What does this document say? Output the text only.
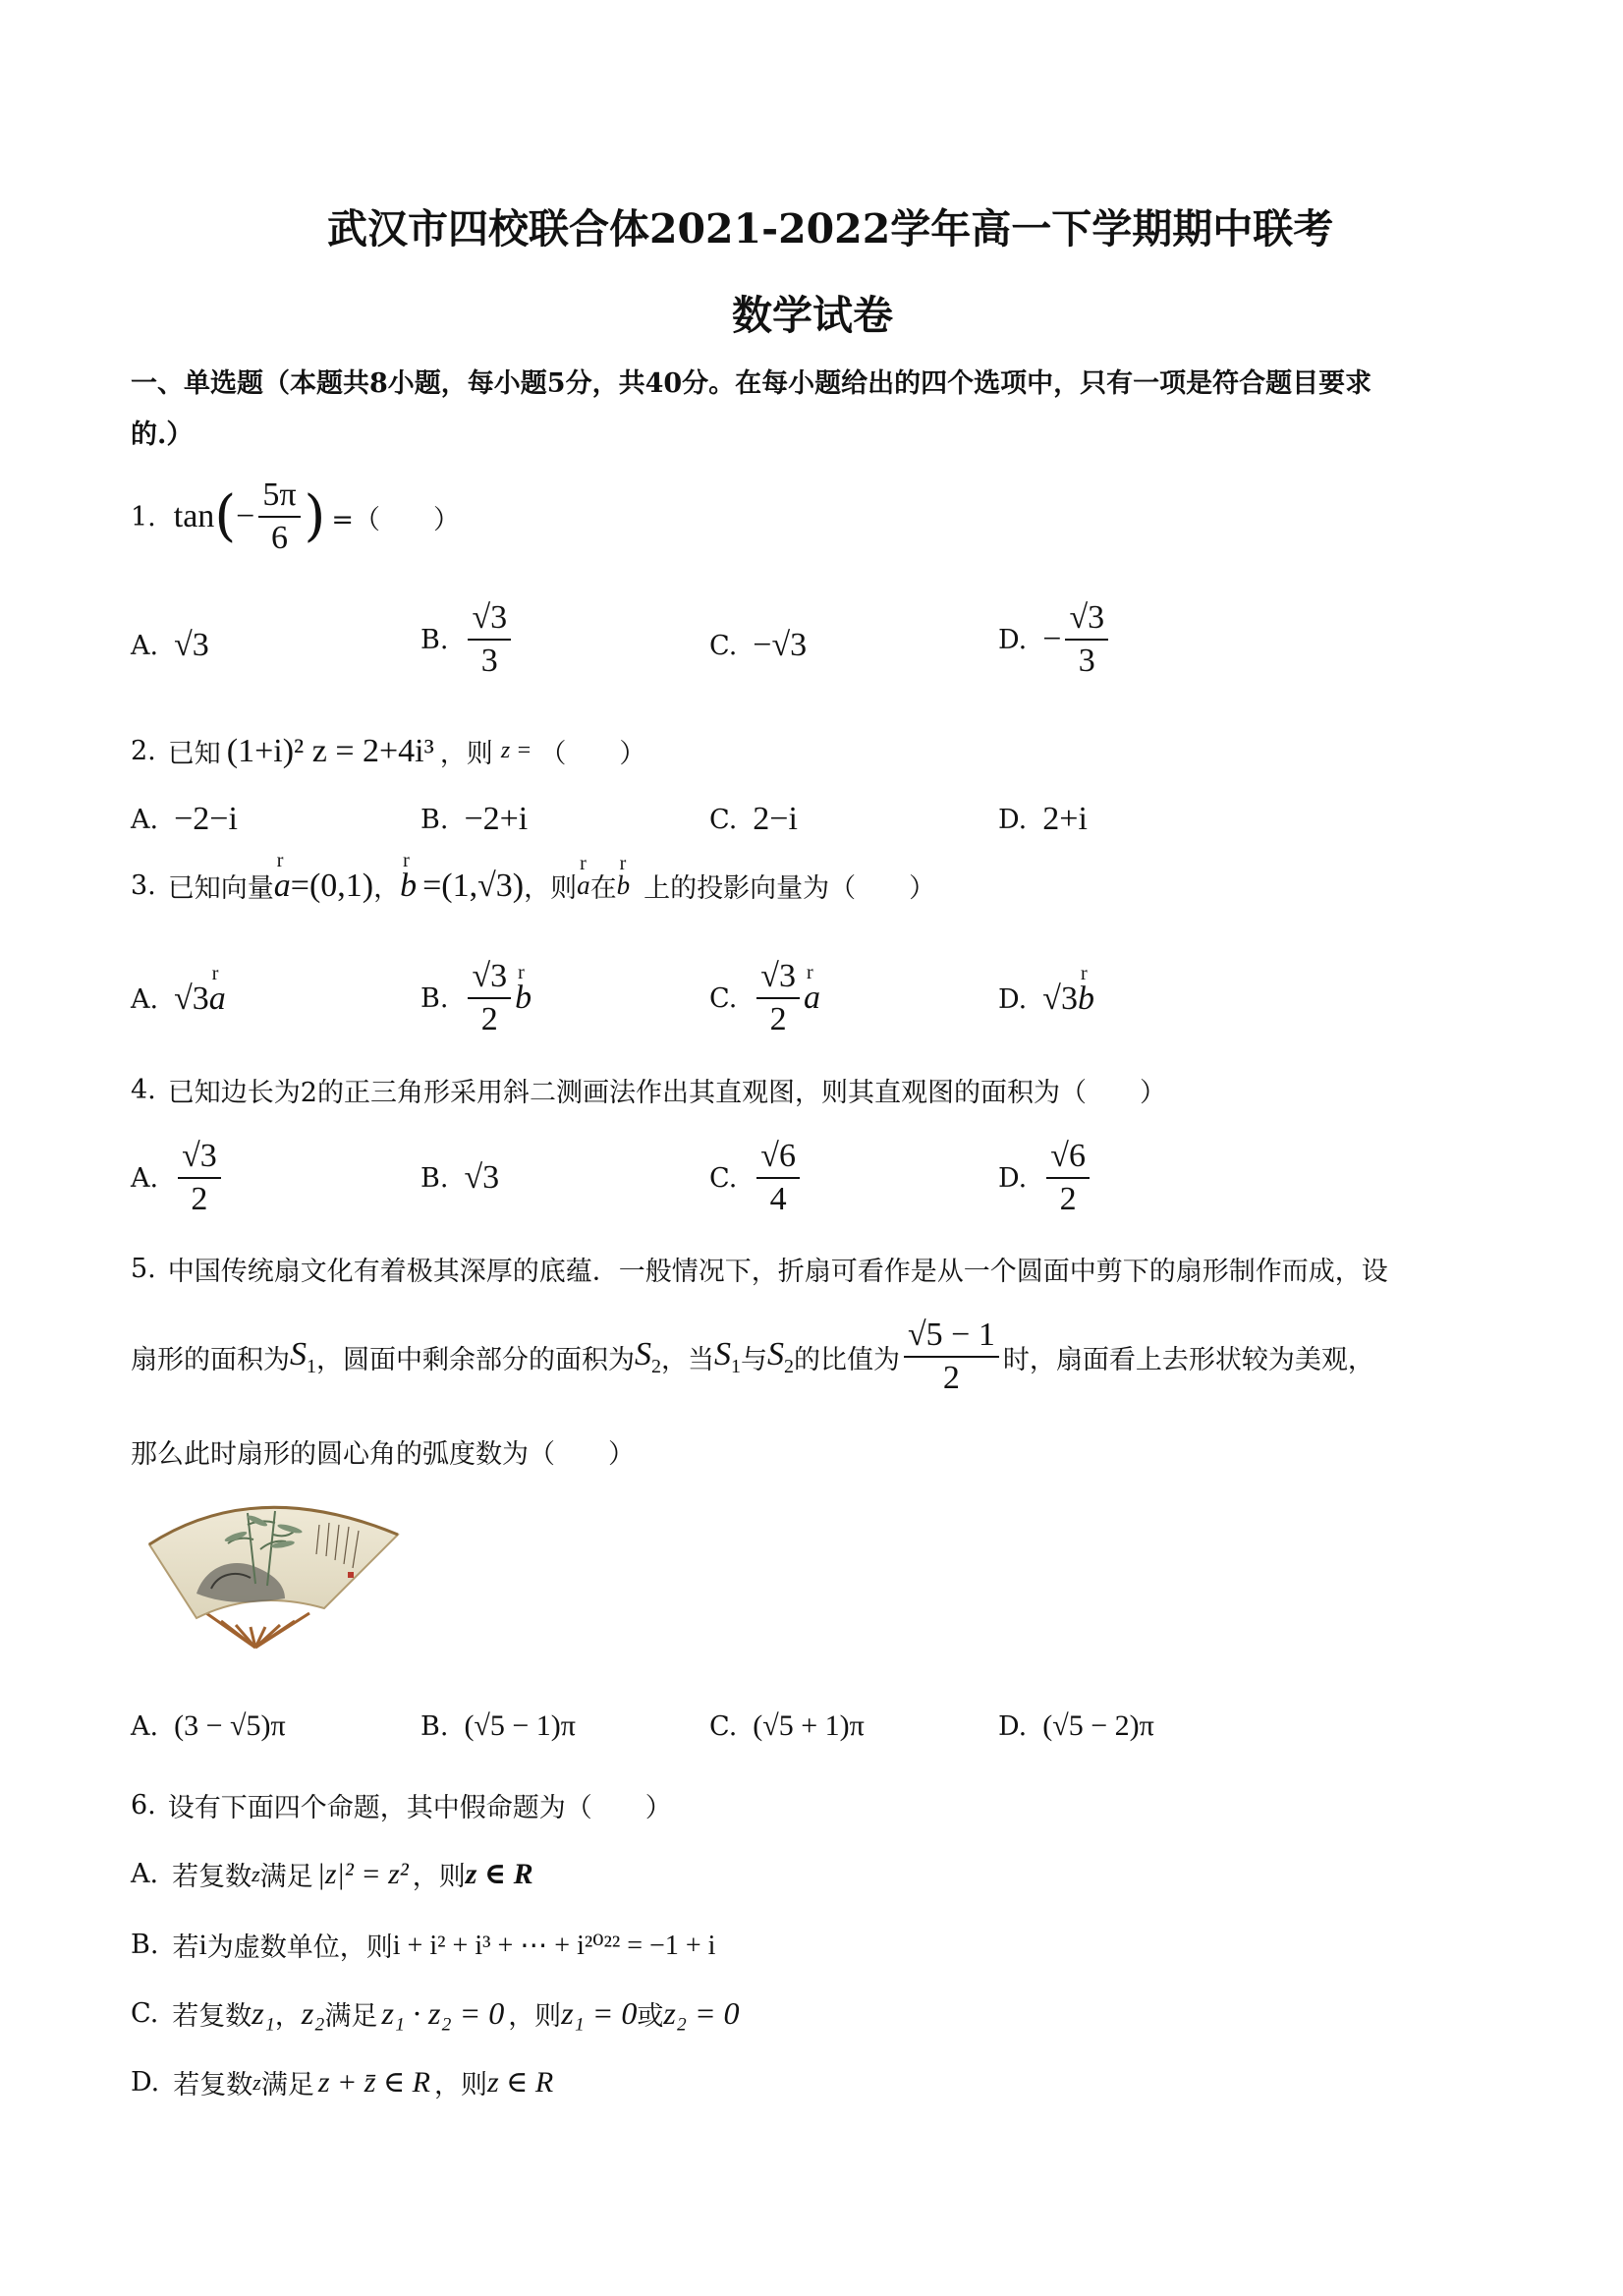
武汉市四校联合体2021-2022学年高一下学期期中联考
数学试卷
一、单选题（本题共8小题，每小题5分，共40分。在每小题给出的四个选项中，只有一项是符合题目要求
的.）
1. tan ( − $\frac{5\pi}{6}$ ) =（　　）
A. √3	B. $\frac{√3}{3}$	C. −√3	D. − $\frac{√3}{3}$
2. 已知 (1+i)² z = 2+4i³ ，则 z = （　　）
A. −2−i	B. −2+i	C. 2−i	D. 2+i
3. 已知向量 r a =(0,1) ， r b =(1,√3) ，则 r a 在 r b 上的投影向量为（　　）
A. √3 r a	B. $\frac{√3}{2}$ r b	C. $\frac{√3}{2}$ r a	D. √3 r b
4. 已知边长为2的正三角形采用斜二测画法作出其直观图，则其直观图的面积为（　　）
A. $\frac{√3}{2}$	B. √3	C. $\frac{√6}{4}$	D. $\frac{√6}{2}$
5. 中国传统扇文化有着极其深厚的底蕴．一般情况下，折扇可看作是从一个圆面中剪下的扇形制作而成，设
扇形的面积为 $S_1$ ，圆面中剩余部分的面积为 $S_2$ ，当 $S_1$ 与 $S_2$ 的比值为 $\frac{√5 - 1}{2}$ 时，扇面看上去形状较为美观，
那么此时扇形的圆心角的弧度数为（　　）
A. (3 − √5)π	B. (√5 − 1)π	C. (√5 + 1)π	D. (√5 − 2)π
6. 设有下面四个命题，其中假命题为（　　）
A. 若复数 z 满足 |z|² = z² ，则 z ∈ R
B. 若 i 为虚数单位，则 i + i² + i³ + ⋯ + i²⁰²² = −1 + i
C. 若复数 z₁ ， z₂ 满足 z₁ · z₂ = 0 ，则 z₁ = 0 或 z₂ = 0
D. 若复数 z 满足 z + z̄ ∈ R ，则 z ∈ R
